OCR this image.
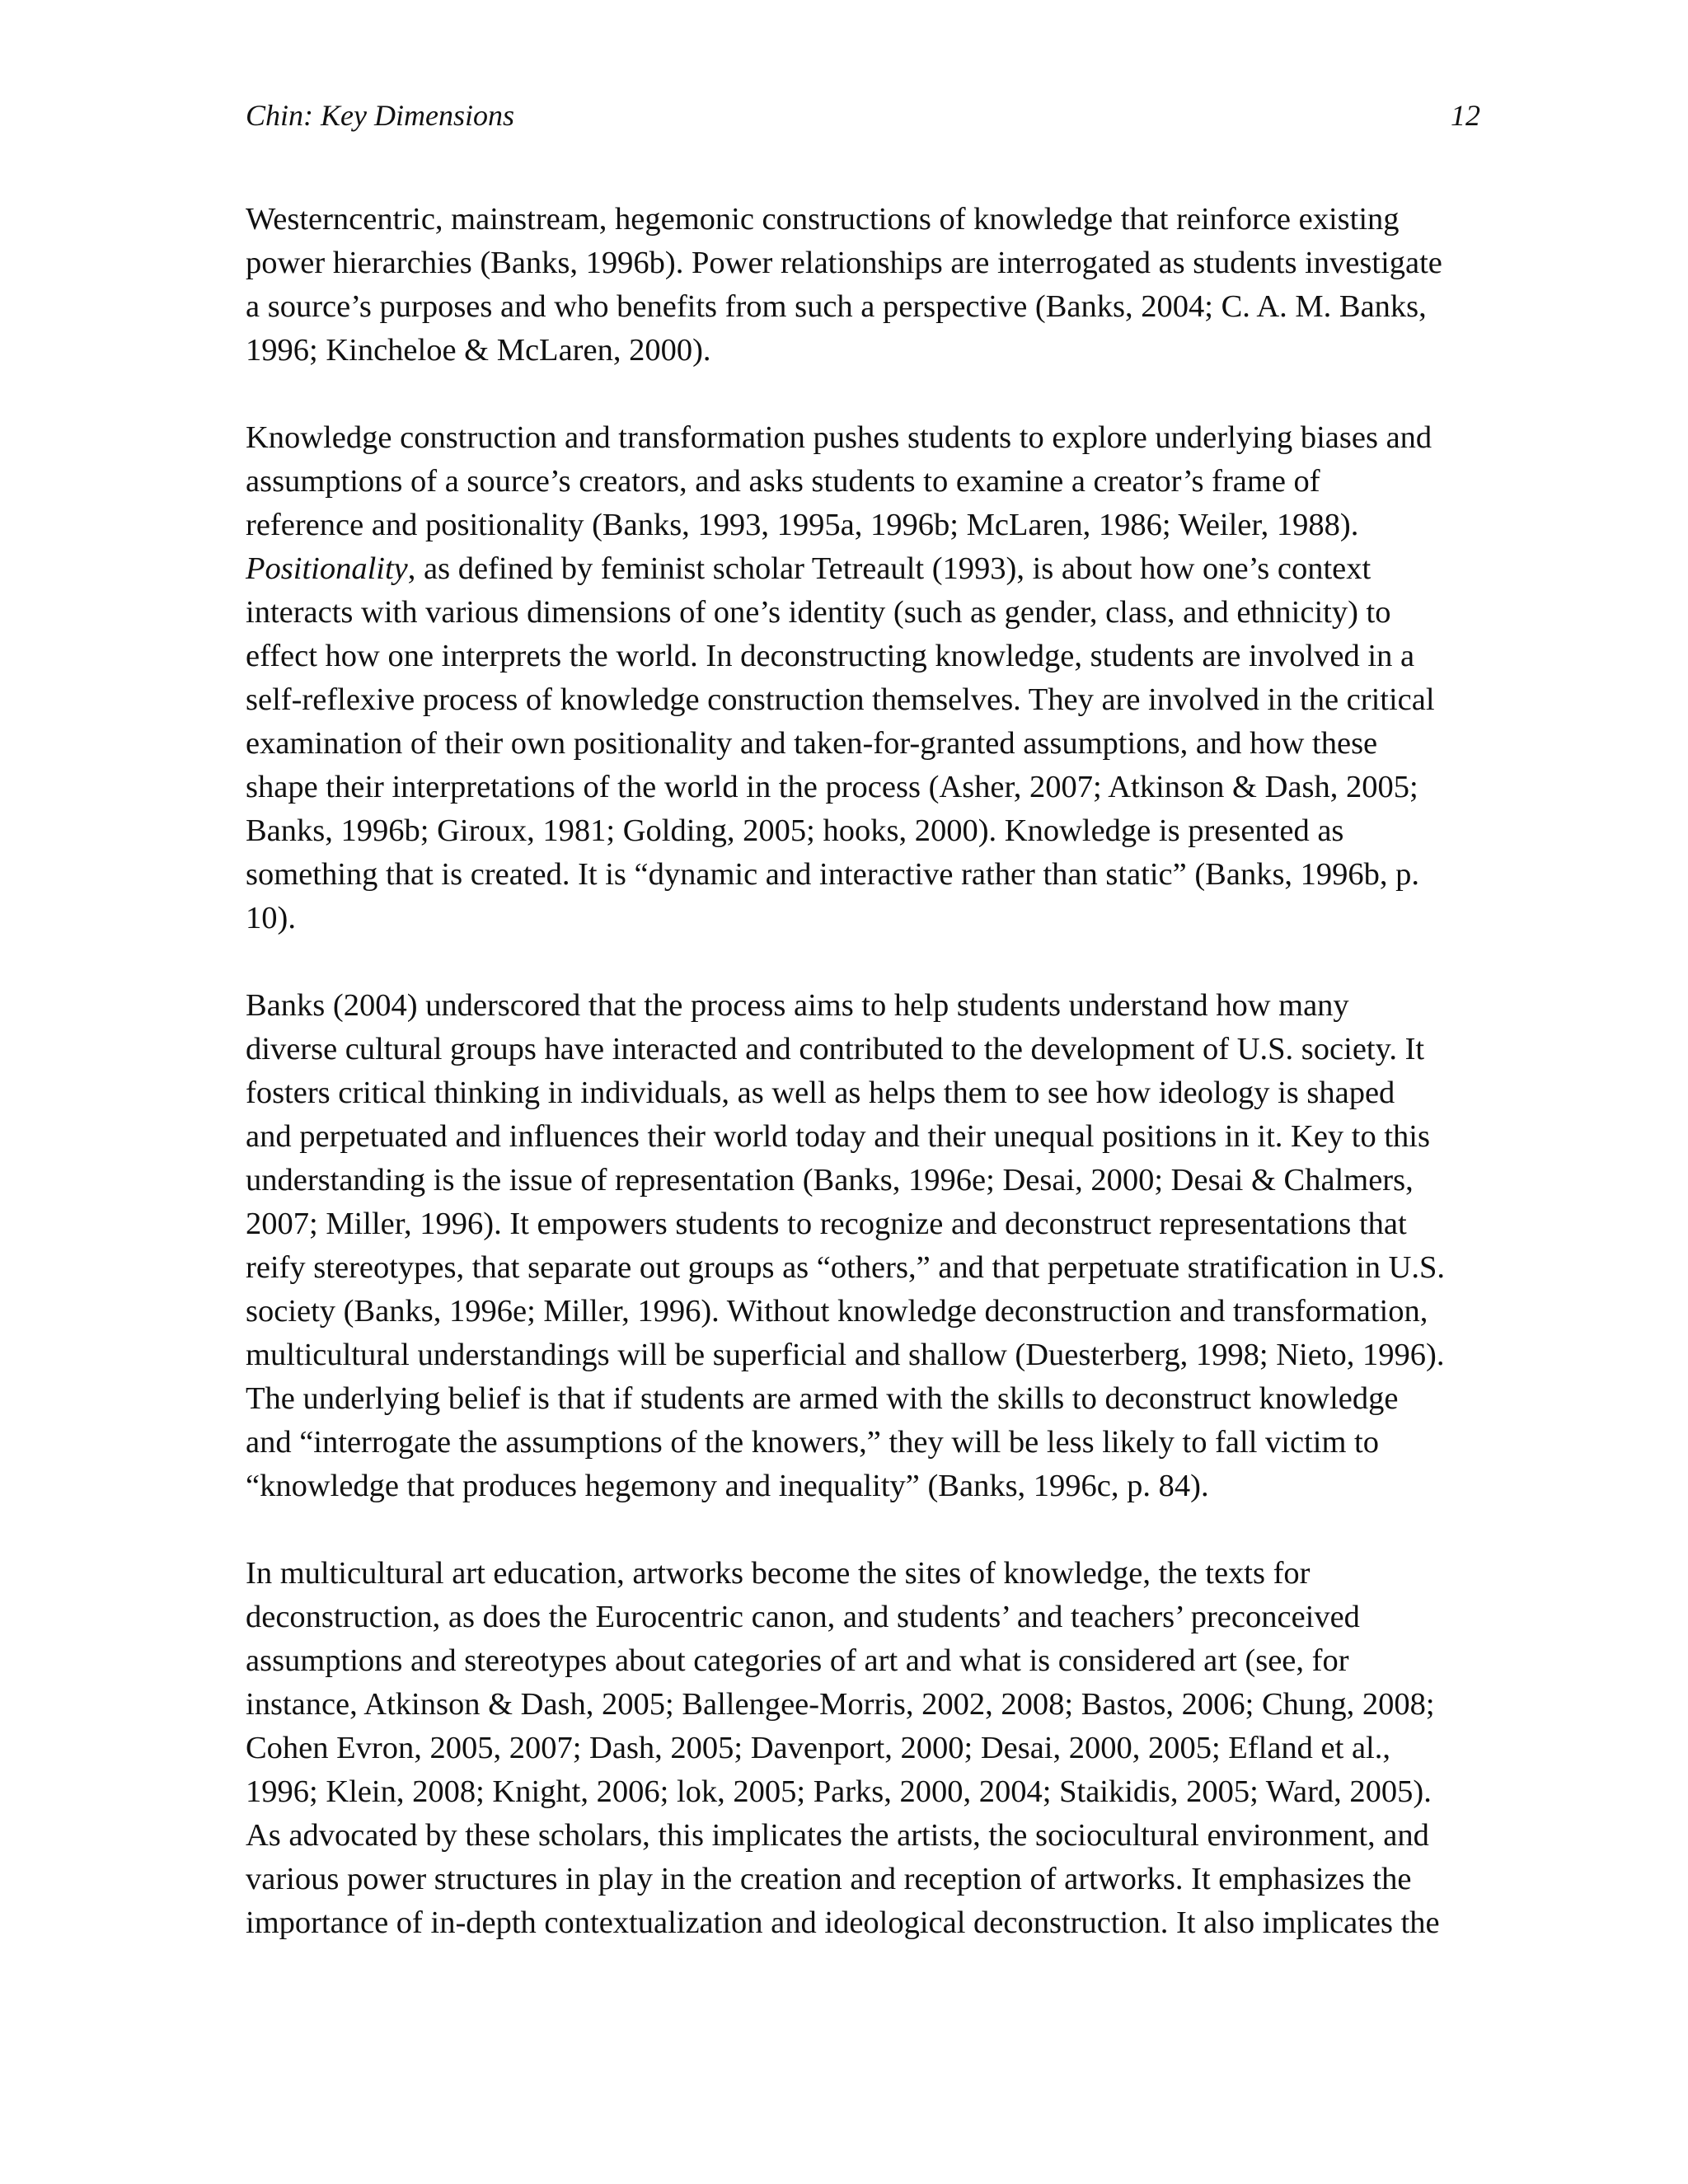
Chin: Key Dimensions	12
Westerncentric, mainstream, hegemonic constructions of knowledge that reinforce existing
power hierarchies (Banks, 1996b). Power relationships are interrogated as students investigate
a source’s purposes and who benefits from such a perspective (Banks, 2004; C. A. M. Banks,
1996; Kincheloe & McLaren, 2000).
Knowledge construction and transformation pushes students to explore underlying biases and
assumptions of a source’s creators, and asks students to examine a creator’s frame of
reference and positionality (Banks, 1993, 1995a, 1996b; McLaren, 1986; Weiler, 1988).
Positionality, as defined by feminist scholar Tetreault (1993), is about how one’s context
interacts with various dimensions of one’s identity (such as gender, class, and ethnicity) to
effect how one interprets the world. In deconstructing knowledge, students are involved in a
self-reflexive process of knowledge construction themselves. They are involved in the critical
examination of their own positionality and taken-for-granted assumptions, and how these
shape their interpretations of the world in the process (Asher, 2007; Atkinson & Dash, 2005;
Banks, 1996b; Giroux, 1981; Golding, 2005; hooks, 2000). Knowledge is presented as
something that is created. It is “dynamic and interactive rather than static” (Banks, 1996b, p.
10).
Banks (2004) underscored that the process aims to help students understand how many
diverse cultural groups have interacted and contributed to the development of U.S. society. It
fosters critical thinking in individuals, as well as helps them to see how ideology is shaped
and perpetuated and influences their world today and their unequal positions in it. Key to this
understanding is the issue of representation (Banks, 1996e; Desai, 2000; Desai & Chalmers,
2007; Miller, 1996). It empowers students to recognize and deconstruct representations that
reify stereotypes, that separate out groups as “others,” and that perpetuate stratification in U.S.
society (Banks, 1996e; Miller, 1996). Without knowledge deconstruction and transformation,
multicultural understandings will be superficial and shallow (Duesterberg, 1998; Nieto, 1996).
The underlying belief is that if students are armed with the skills to deconstruct knowledge
and “interrogate the assumptions of the knowers,” they will be less likely to fall victim to
“knowledge that produces hegemony and inequality” (Banks, 1996c, p. 84).
In multicultural art education, artworks become the sites of knowledge, the texts for
deconstruction, as does the Eurocentric canon, and students’ and teachers’ preconceived
assumptions and stereotypes about categories of art and what is considered art (see, for
instance, Atkinson & Dash, 2005; Ballengee-Morris, 2002, 2008; Bastos, 2006; Chung, 2008;
Cohen Evron, 2005, 2007; Dash, 2005; Davenport, 2000; Desai, 2000, 2005; Efland et al.,
1996; Klein, 2008; Knight, 2006; lok, 2005; Parks, 2000, 2004; Staikidis, 2005; Ward, 2005).
As advocated by these scholars, this implicates the artists, the sociocultural environment, and
various power structures in play in the creation and reception of artworks. It emphasizes the
importance of in-depth contextualization and ideological deconstruction. It also implicates the
